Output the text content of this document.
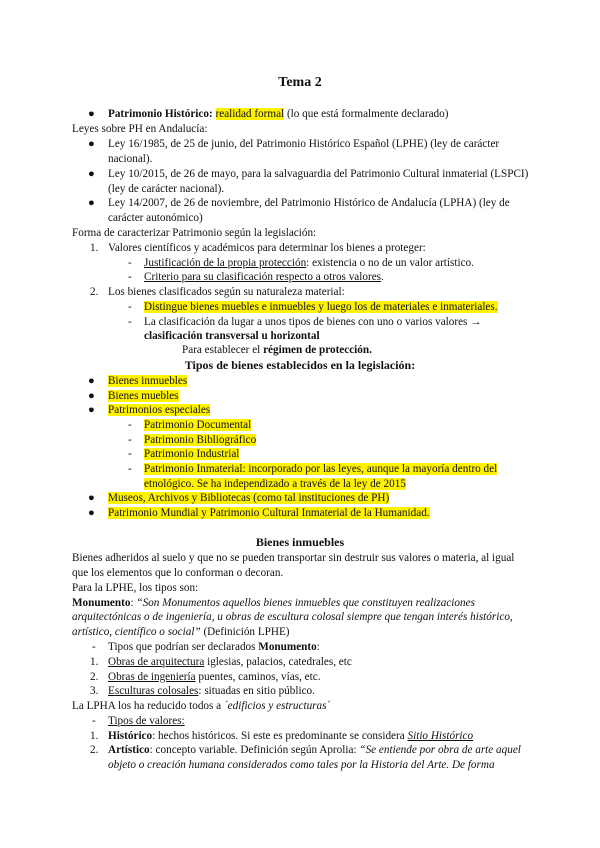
Tema 2
● Patrimonio Histórico: realidad formal (lo que está formalmente declarado)
Leyes sobre PH en Andalucía:
● Ley 16/1985, de 25 de junio, del Patrimonio Histórico Español (LPHE) (ley de carácter
nacional).
● Ley 10/2015, de 26 de mayo, para la salvaguardia del Patrimonio Cultural inmaterial (LSPCI)
(ley de carácter nacional).
● Ley 14/2007, de 26 de noviembre, del Patrimonio Histórico de Andalucía (LPHA) (ley de
carácter autonómico)
Forma de caracterizar Patrimonio según la legislación:
1. Valores científicos y académicos para determinar los bienes a proteger:
- Justificación de la propia protección: existencia o no de un valor artístico.
- Criterio para su clasificación respecto a otros valores.
2. Los bienes clasificados según su naturaleza material:
- Distingue bienes muebles e inmuebles y luego los de materiales e inmateriales.
- La clasificación da lugar a unos tipos de bienes con uno o varios valores →
clasificación transversal u horizontal
Para establecer el régimen de protección.
Tipos de bienes establecidos en la legislación:
● Bienes inmuebles
● Bienes muebles
● Patrimonios especiales
- Patrimonio Documental
- Patrimonio Bibliográfico
- Patrimonio Industrial
- Patrimonio Inmaterial: incorporado por las leyes, aunque la mayoría dentro del
etnológico. Se ha independizado a través de la ley de 2015
● Museos, Archivos y Bibliotecas (como tal instituciones de PH)
● Patrimonio Mundial y Patrimonio Cultural Inmaterial de la Humanidad.
Bienes inmuebles
Bienes adheridos al suelo y que no se pueden transportar sin destruir sus valores o materia, al igual
que los elementos que lo conforman o decoran.
Para la LPHE, los tipos son:
Monumento: “Son Monumentos aquellos bienes inmuebles que constituyen realizaciones
arquitectónicas o de ingeniería, u obras de escultura colosal siempre que tengan interés histórico,
artístico, científico o social” (Definición LPHE)
- Tipos que podrían ser declarados Monumento:
1. Obras de arquitectura iglesias, palacios, catedrales, etc
2. Obras de ingeniería puentes, caminos, vías, etc.
3. Esculturas colosales: situadas en sitio público.
La LPHA los ha reducido todos a ´edificios y estructuras´
- Tipos de valores:
1. Histórico: hechos históricos. Si este es predominante se considera Sitio Histórico
2. Artístico: concepto variable. Definición según Aprolia: “Se entiende por obra de arte aquel
objeto o creación humana considerados como tales por la Historia del Arte. De forma
